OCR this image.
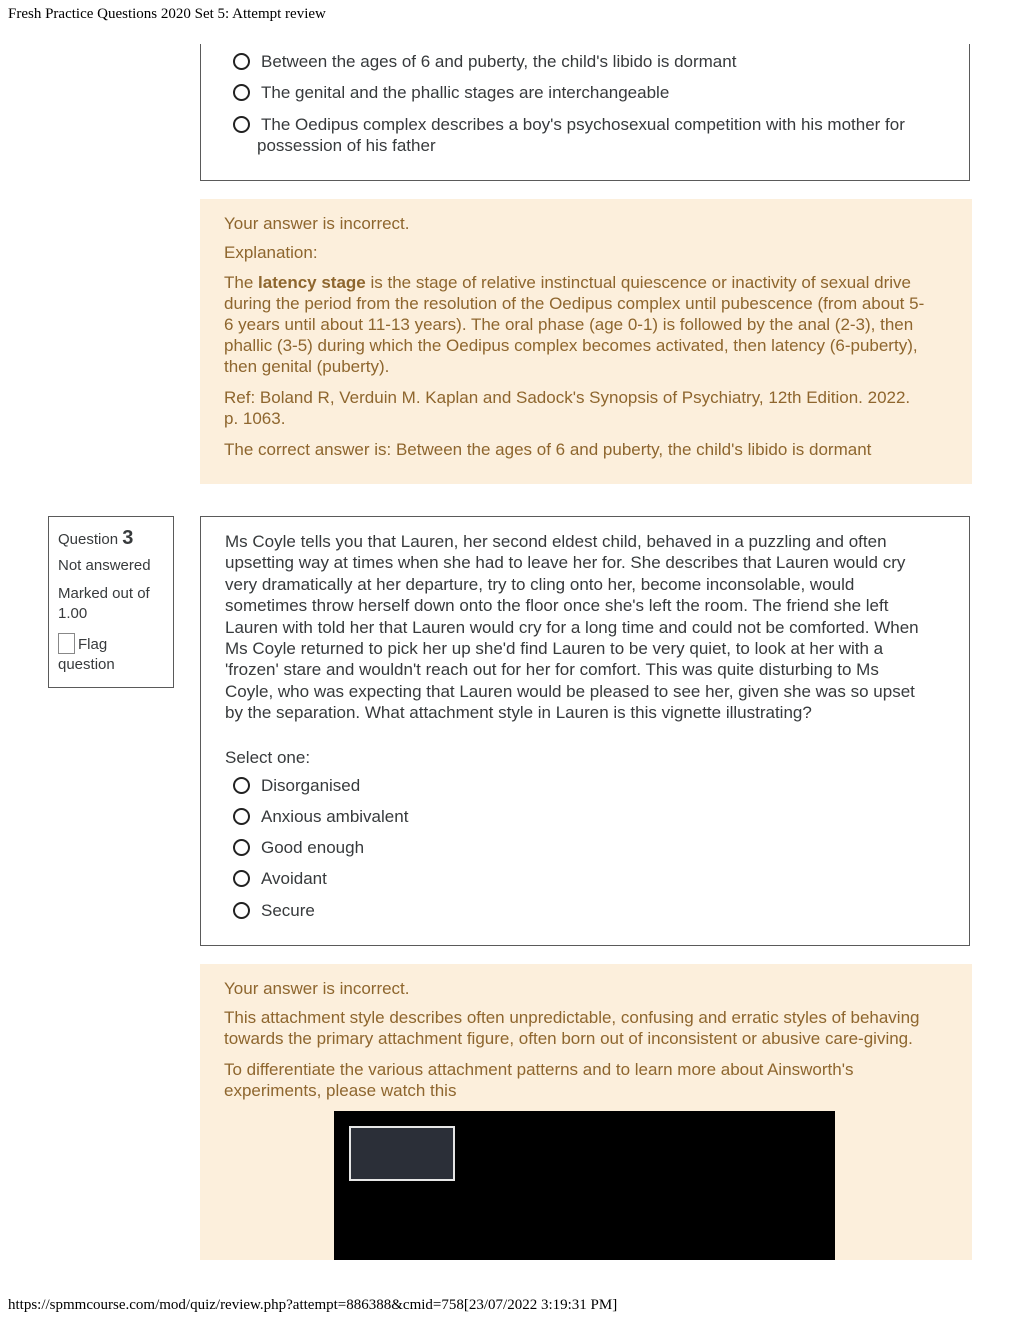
Fresh Practice Questions 2020 Set 5: Attempt review
Between the ages of 6 and puberty, the child's libido is dormant
The genital and the phallic stages are interchangeable
The Oedipus complex describes a boy's psychosexual competition with his mother for
possession of his father

Your answer is incorrect.

Explanation:

The latency stage is the stage of relative instinctual quiescence or inactivity of sexual drive
during the period from the resolution of the Oedipus complex until pubescence (from about 5-
6 years until about 11-13 years). The oral phase (age 0-1) is followed by the anal (2-3), then
phallic (3-5) during which the Oedipus complex becomes activated, then latency (6-puberty),
then genital (puberty).

Ref: Boland R, Verduin M. Kaplan and Sadock's Synopsis of Psychiatry, 12th Edition. 2022.
p. 1063.

The correct answer is: Between the ages of 6 and puberty, the child's libido is dormant

Question 3
Not answered
Marked out of
1.00
Flag
question

Ms Coyle tells you that Lauren, her second eldest child, behaved in a puzzling and often
upsetting way at times when she had to leave her for. She describes that Lauren would cry
very dramatically at her departure, try to cling onto her, become inconsolable, would
sometimes throw herself down onto the floor once she's left the room. The friend she left
Lauren with told her that Lauren would cry for a long time and could not be comforted. When
Ms Coyle returned to pick her up she'd find Lauren to be very quiet, to look at her with a
'frozen' stare and wouldn't reach out for her for comfort. This was quite disturbing to Ms
Coyle, who was expecting that Lauren would be pleased to see her, given she was so upset
by the separation. What attachment style in Lauren is this vignette illustrating?

Select one:
Disorganised
Anxious ambivalent
Good enough
Avoidant
Secure

Your answer is incorrect.

This attachment style describes often unpredictable, confusing and erratic styles of behaving
towards the primary attachment figure, often born out of inconsistent or abusive care-giving.

To differentiate the various attachment patterns and to learn more about Ainsworth's
experiments, please watch this

https://spmmcourse.com/mod/quiz/review.php?attempt=886388&cmid=758[23/07/2022 3:19:31 PM]
